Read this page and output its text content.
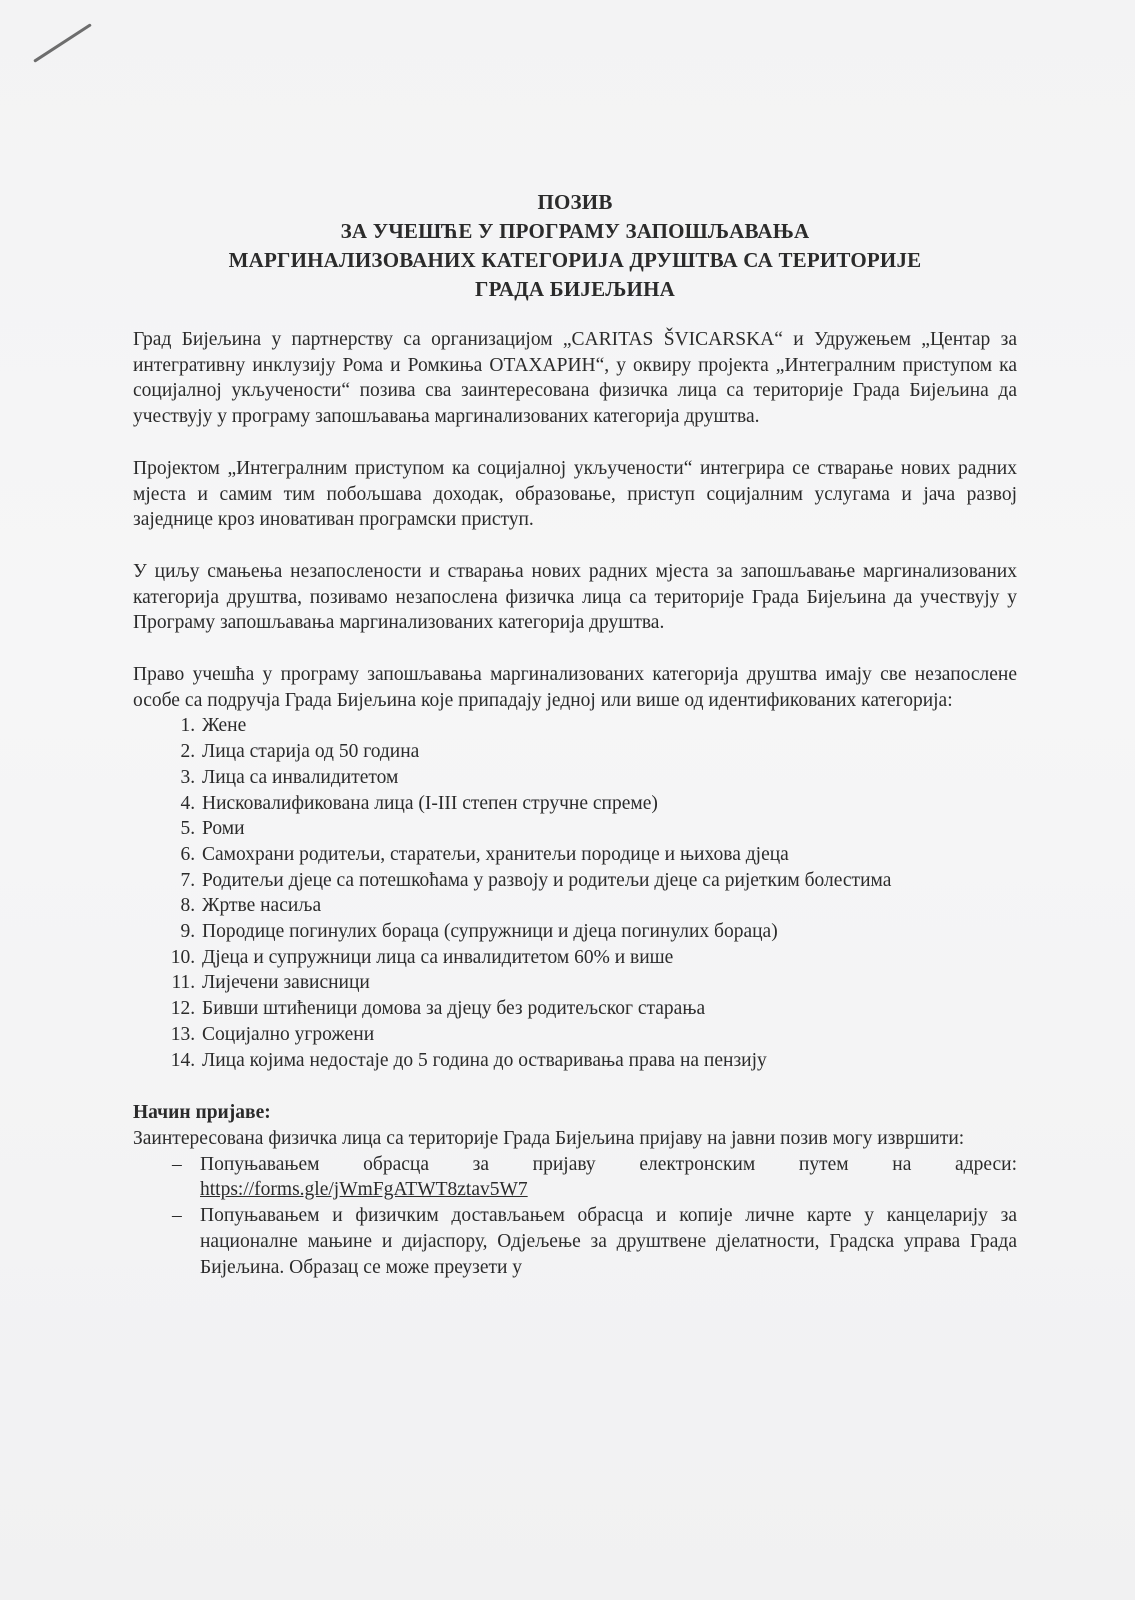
ПОЗИВ
ЗА УЧЕШЋЕ У ПРОГРАМУ ЗАПОШЉАВАЊА
МАРГИНАЛИЗОВАНИХ КАТЕГОРИЈА ДРУШТВА СА ТЕРИТОРИЈЕ
ГРАДА БИЈЕЉИНА

Град Бијељина у партнерству са организацијом „CARITAS ŠVICARSKA“ и Удружењем „Центар за интегративну инклузију Рома и Ромкиња ОТАХАРИН“, у оквиру пројекта „Интегралним приступом ка социјалној укључености“ позива сва заинтересована физичка лица са територије Града Бијељина да учествују у програму запошљавања маргинализованих категорија друштва.

Пројектом „Интегралним приступом ка социјалној укључености“ интегрира се стварање нових радних мјеста и самим тим побољшава доходак, образовање, приступ социјалним услугама и јача развој заједнице кроз иновативан програмски приступ.

У циљу смањења незапослености и стварања нових радних мјеста за запошљавање маргинализованих категорија друштва, позивамо незапослена физичка лица са територије Града Бијељина да учествују у Програму запошљавања маргинализованих категорија друштва.

Право учешћа у програму запошљавања маргинализованих категорија друштва имају све незапослене особе са подручја Града Бијељина које припадају једној или више од идентификованих категорија:

1. Жене
2. Лица старија од 50 година
3. Лица са инвалидитетом
4. Нисковалификована лица (I-III степен стручне спреме)
5. Роми
6. Самохрани родитељи, старатељи, хранитељи породице и њихова дјеца
7. Родитељи дјеце са потешкоћама у развоју и родитељи дјеце са ријетким болестима
8. Жртве насиља
9. Породице погинулих бораца (супружници и дјеца погинулих бораца)
10. Дјеца и супружници лица са инвалидитетом 60% и више
11. Лијечени зависници
12. Бивши штићеници домова за дјецу без родитељског старања
13. Социјално угрожени
14. Лица којима недостаје до 5 година до остваривања права на пензију
Начин пријаве:

Заинтересована физичка лица са територије Града Бијељина пријаву на јавни позив могу извршити:

– Попуњавањем обрасца за пријаву електронским путем на адреси: https://forms.gle/jWmFgATWT8ztav5W7
– Попуњавањем и физичким достављањем обрасца и копије личне карте у канцеларију за националне мањине и дијаспору, Одјељење за друштвене дјелатности, Градска управа Града Бијељина. Образац се може преузети у
